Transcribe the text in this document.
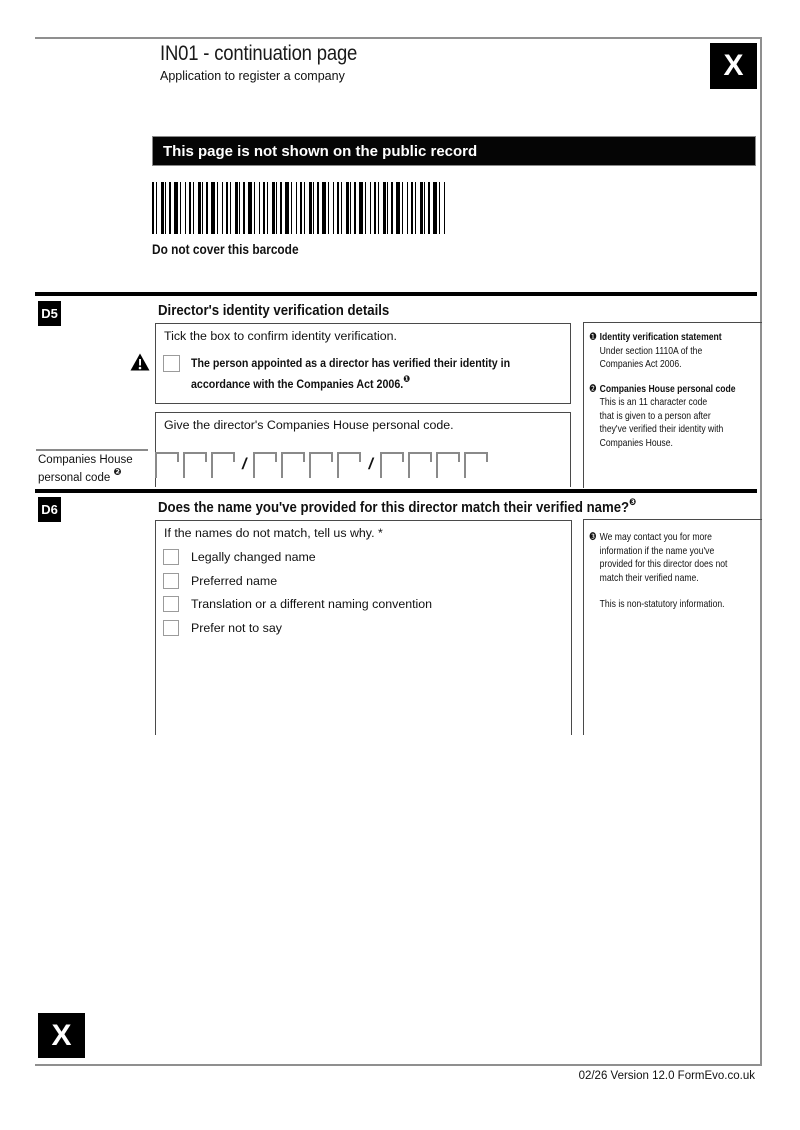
IN01 - continuation page
Application to register a company	X
This page is not shown on the public record
Do not cover this barcode
D5	Director's identity verification details
Tick the box to confirm identity verification.
The person appointed as a director has verified their identity in
accordance with the Companies Act 2006.$^❶$
Give the director's Companies House personal code.
Companies House
personal code $^❷$	/	/
❶ Identity verification statement
Under section 1110A of the
Companies Act 2006.
❷ Companies House personal code
This is an 11 character code
that is given to a person after
they've verified their identity with
Companies House.
D6	Does the name you've provided for this director match their verified name?$^❸$
If the names do not match, tell us why. *
Legally changed name
Preferred name
Translation or a different naming convention
Prefer not to say
❸ We may contact you for more
information if the name you've
provided for this director does not
match their verified name.
This is non-statutory information.
X
02/26 Version 12.0 FormEvo.co.uk
